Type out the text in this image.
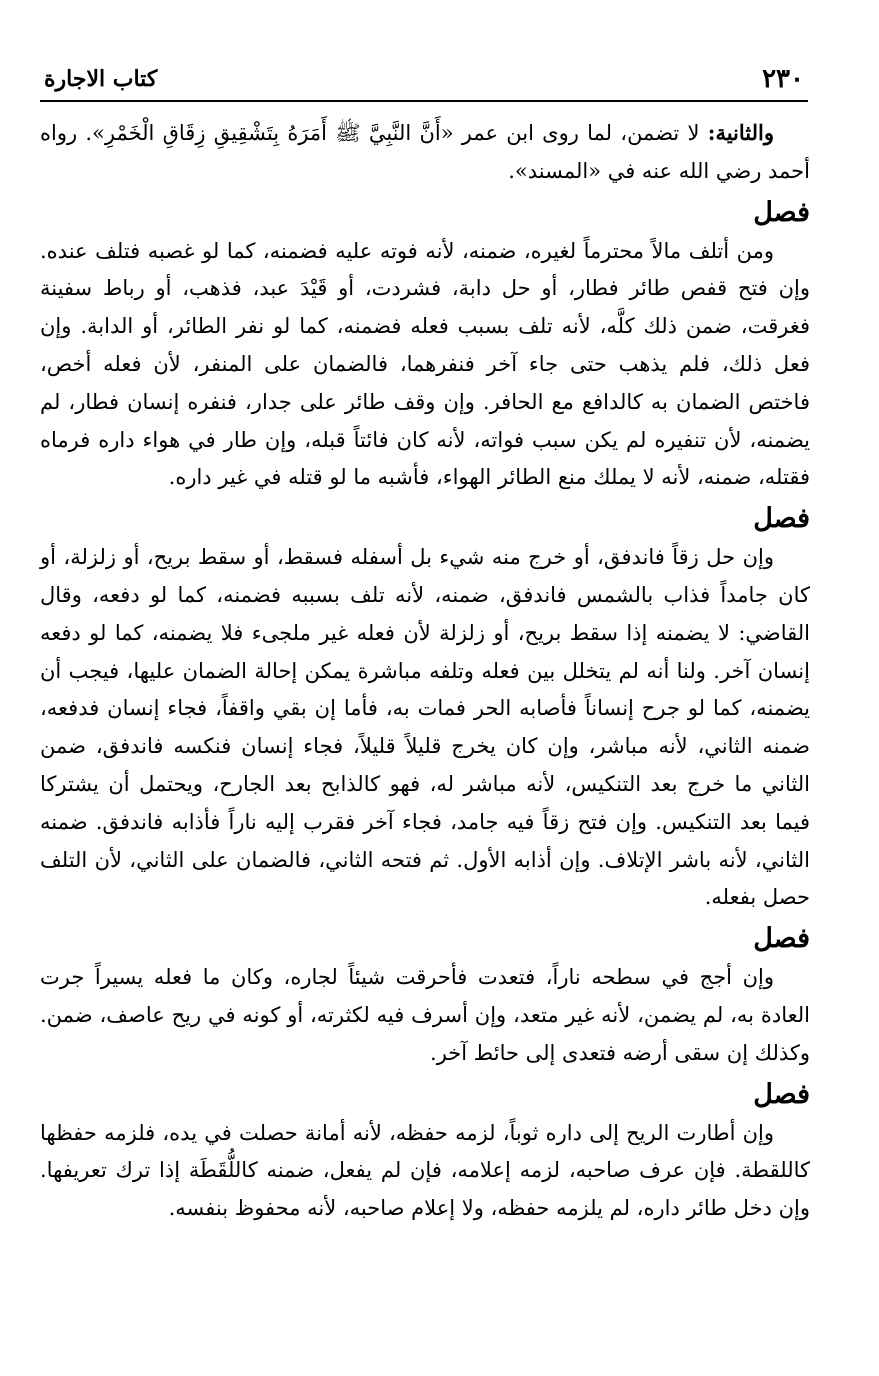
٢٣٠
كتاب الاجارة

والثانية: لا تضمن، لما روى ابن عمر «أَنَّ النَّبِيَّ ﷺ أَمَرَهُ بِتَشْقِيقِ زِقَاقِ الْخَمْرِ». رواه أحمد رضي الله عنه في «المسند».

فصل

ومن أتلف مالاً محترماً لغيره، ضمنه، لأنه فوته عليه فضمنه، كما لو غصبه فتلف عنده. وإن فتح قفص طائر فطار، أو حل دابة، فشردت، أو قَيْدَ عبد، فذهب، أو رباط سفينة فغرقت، ضمن ذلك كلَّه، لأنه تلف بسبب فعله فضمنه، كما لو نفر الطائر، أو الدابة. وإن فعل ذلك، فلم يذهب حتى جاء آخر فنفرهما، فالضمان على المنفر، لأن فعله أخص، فاختص الضمان به كالدافع مع الحافر. وإن وقف طائر على جدار، فنفره إنسان فطار، لم يضمنه، لأن تنفيره لم يكن سبب فواته، لأنه كان فائتاً قبله، وإن طار في هواء داره فرماه فقتله، ضمنه، لأنه لا يملك منع الطائر الهواء، فأشبه ما لو قتله في غير داره.

فصل

وإن حل زقاً فاندفق، أو خرج منه شيء بل أسفله فسقط، أو سقط بريح، أو زلزلة، أو كان جامداً فذاب بالشمس فاندفق، ضمنه، لأنه تلف بسببه فضمنه، كما لو دفعه، وقال القاضي: لا يضمنه إذا سقط بريح، أو زلزلة لأن فعله غير ملجىء فلا يضمنه، كما لو دفعه إنسان آخر. ولنا أنه لم يتخلل بين فعله وتلفه مباشرة يمكن إحالة الضمان عليها، فيجب أن يضمنه، كما لو جرح إنساناً فأصابه الحر فمات به، فأما إن بقي واقفاً، فجاء إنسان فدفعه، ضمنه الثاني، لأنه مباشر، وإن كان يخرج قليلاً قليلاً، فجاء إنسان فنكسه فاندفق، ضمن الثاني ما خرج بعد التنكيس، لأنه مباشر له، فهو كالذابح بعد الجارح، ويحتمل أن يشتركا فيما بعد التنكيس. وإن فتح زقاً فيه جامد، فجاء آخر فقرب إليه ناراً فأذابه فاندفق. ضمنه الثاني، لأنه باشر الإتلاف. وإن أذابه الأول. ثم فتحه الثاني، فالضمان على الثاني، لأن التلف حصل بفعله.

فصل

وإن أجج في سطحه ناراً، فتعدت فأحرقت شيئاً لجاره، وكان ما فعله يسيراً جرت العادة به، لم يضمن، لأنه غير متعد، وإن أسرف فيه لكثرته، أو كونه في ريح عاصف، ضمن. وكذلك إن سقى أرضه فتعدى إلى حائط آخر.

فصل

وإن أطارت الريح إلى داره ثوباً، لزمه حفظه، لأنه أمانة حصلت في يده، فلزمه حفظها كاللقطة. فإن عرف صاحبه، لزمه إعلامه، فإن لم يفعل، ضمنه كاللُّقَطَة إذا ترك تعريفها. وإن دخل طائر داره، لم يلزمه حفظه، ولا إعلام صاحبه، لأنه محفوظ بنفسه.
